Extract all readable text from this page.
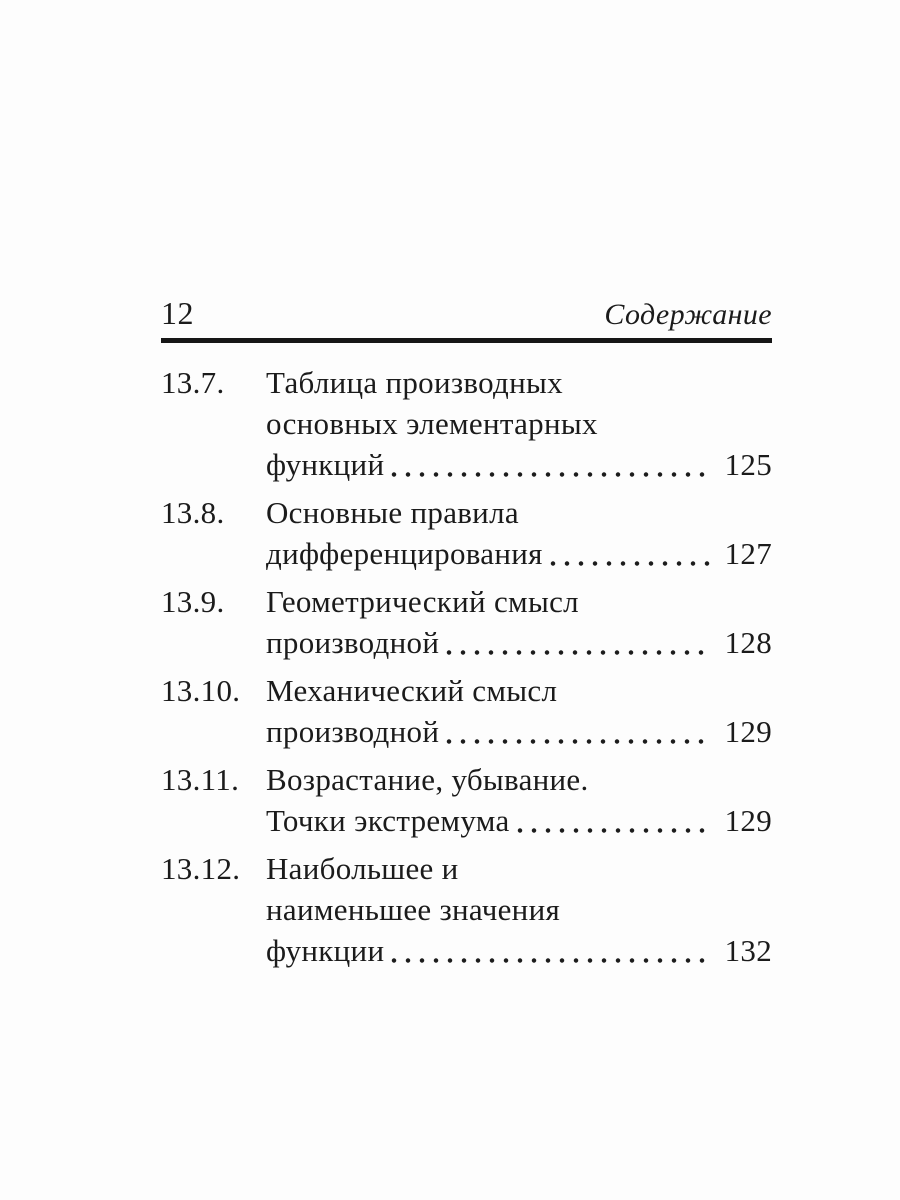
12	Содержание
13.7. Таблица производных
основных элементарных
функций	125
13.8. Основные правила
дифференцирования	127
13.9. Геометрический смысл
производной	128
13.10. Механический смысл
производной	129
13.11. Возрастание, убывание.
Точки экстремума	129
13.12. Наибольшее и
наименьшее значения
функции	132
